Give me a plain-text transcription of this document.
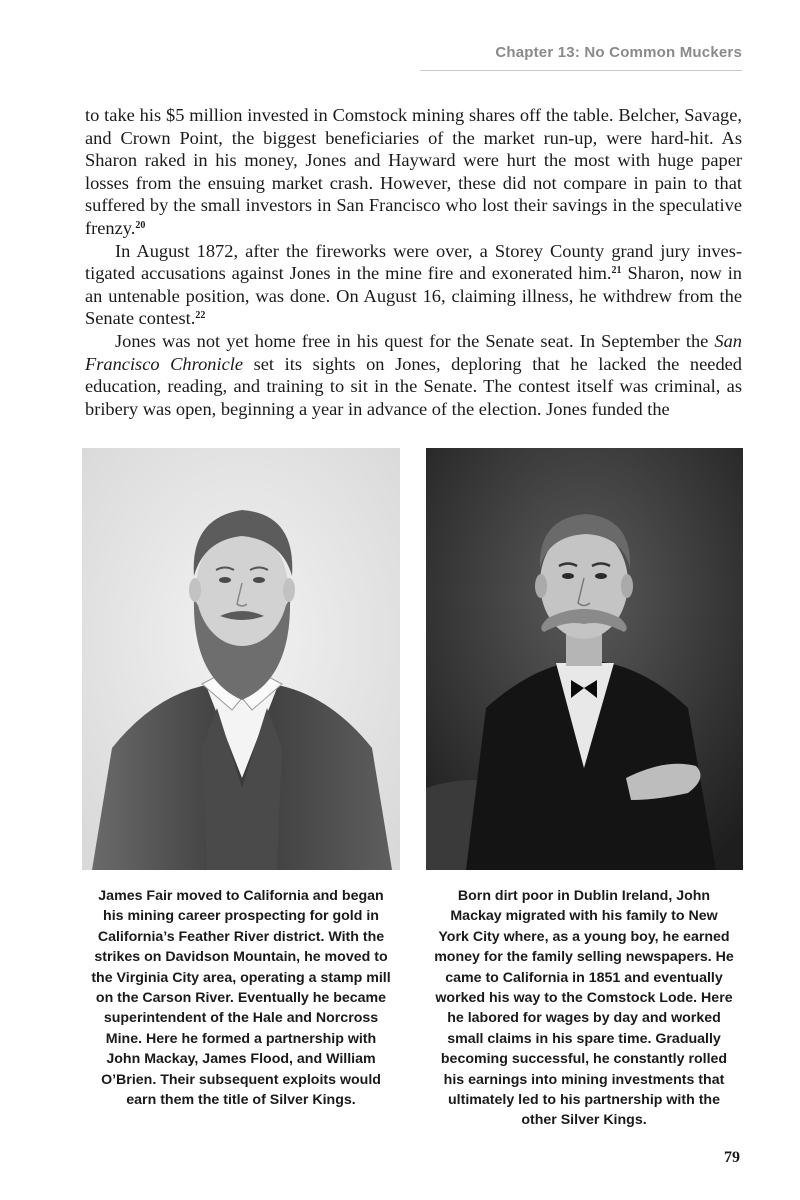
Chapter 13: No Common Muckers

to take his $5 million invested in Comstock mining shares off the table. Belcher, Savage, and Crown Point, the biggest beneficiaries of the market run-up, were hard-hit. As Sharon raked in his money, Jones and Hayward were hurt the most with huge paper losses from the ensuing market crash. However, these did not compare in pain to that suffered by the small investors in San Francisco who lost their savings in the speculative frenzy.$^{20}$

In August 1872, after the fireworks were over, a Storey County grand jury investigated accusations against Jones in the mine fire and exonerated him.$^{21}$ Sharon, now in an untenable position, was done. On August 16, claiming illness, he withdrew from the Senate contest.$^{22}$

Jones was not yet home free in his quest for the Senate seat. In September the San Francisco Chronicle set its sights on Jones, deploring that he lacked the needed education, reading, and training to sit in the Senate. The contest itself was criminal, as bribery was open, beginning a year in advance of the election. Jones funded the

James Fair moved to California and began his mining career prospecting for gold in California’s Feather River district. With the strikes on Davidson Mountain, he moved to the Virginia City area, operating a stamp mill on the Carson River. Eventually he became superintendent of the Hale and Norcross Mine. Here he formed a partnership with John Mackay, James Flood, and William O’Brien. Their subsequent exploits would earn them the title of Silver Kings.
Born dirt poor in Dublin Ireland, John Mackay migrated with his family to New York City where, as a young boy, he earned money for the family selling newspapers. He came to California in 1851 and eventually worked his way to the Comstock Lode. Here he labored for wages by day and worked small claims in his spare time. Gradually becoming successful, he constantly rolled his earnings into mining investments that ultimately led to his partnership with the other Silver Kings.
79
